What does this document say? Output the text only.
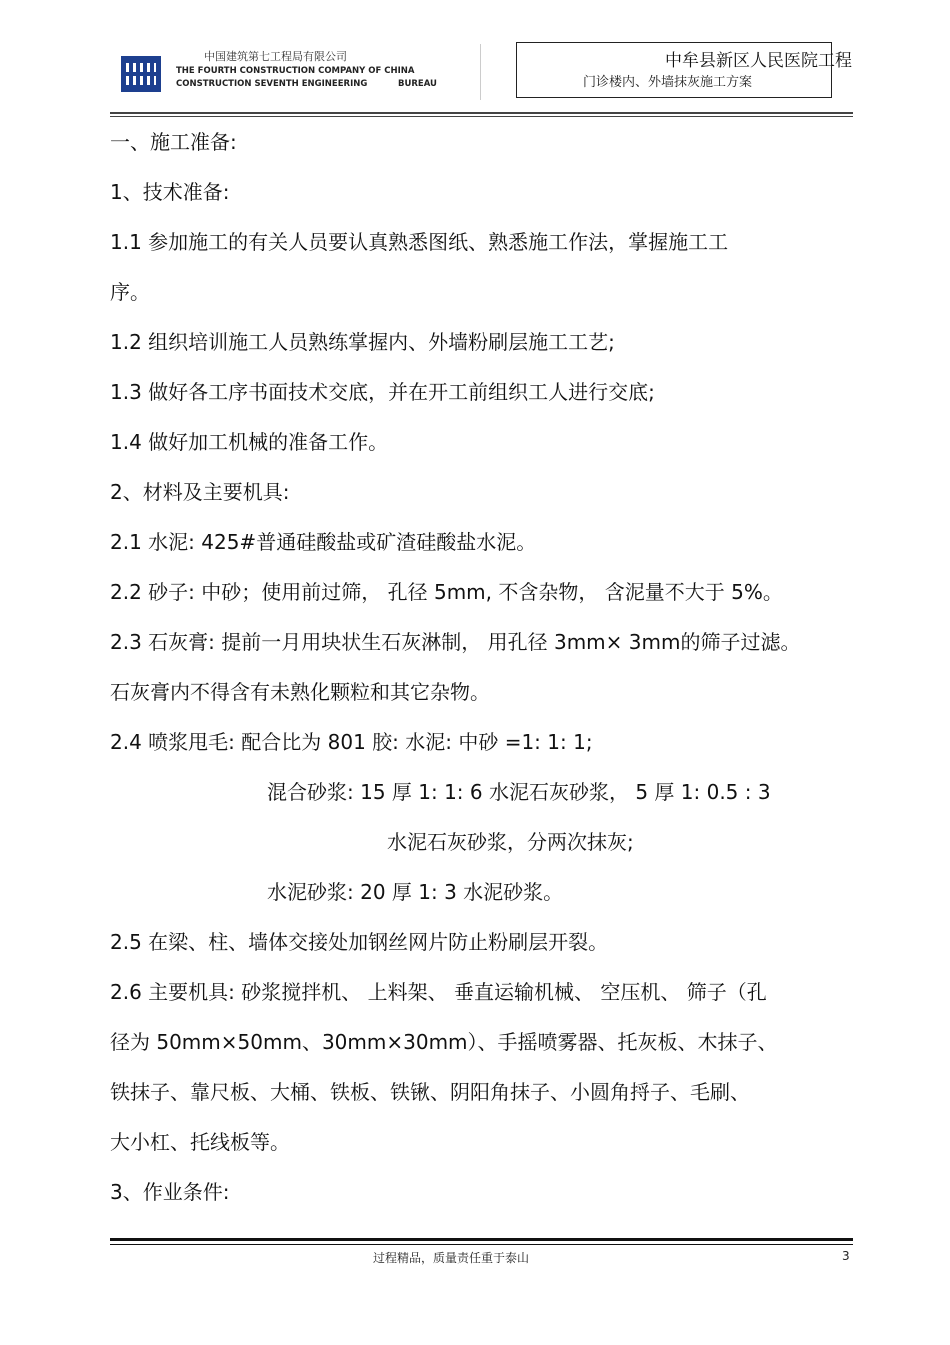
中国建筑第七工程局有限公司
THE FOURTH CONSTRUCTION COMPANY OF CHINA
CONSTRUCTION SEVENTH ENGINEERING	BUREAU
中牟县新区人民医院工程
门诊楼内、外墙抹灰施工方案
一、施工准备:
1、技术准备:
1.1 参加施工的有关人员要认真熟悉图纸、熟悉施工作法，掌握施工工
序。
1.2 组织培训施工人员熟练掌握内、外墙粉刷层施工工艺;
1.3 做好各工序书面技术交底，并在开工前组织工人进行交底;
1.4 做好加工机械的准备工作。
2、材料及主要机具:
2.1 水泥: 425#普通硅酸盐或矿渣硅酸盐水泥。
2.2 砂子: 中砂；使用前过筛， 孔径 5mm, 不含杂物， 含泥量不大于 5%。
2.3 石灰膏: 提前一月用块状生石灰淋制， 用孔径 3mm× 3mm的筛子过滤。
石灰膏内不得含有未熟化颗粒和其它杂物。
2.4 喷浆甩毛: 配合比为 801 胶: 水泥: 中砂 =1: 1: 1;
混合砂浆: 15 厚 1: 1: 6 水泥石灰砂浆， 5 厚 1: 0.5 : 3
水泥石灰砂浆，分两次抹灰;
水泥砂浆: 20 厚 1: 3 水泥砂浆。
2.5 在梁、柱、墙体交接处加钢丝网片防止粉刷层开裂。
2.6 主要机具: 砂浆搅拌机、 上料架、 垂直运输机械、 空压机、 筛子（孔
径为 50mm×50mm、30mm×30mm）、手摇喷雾器、托灰板、木抹子、
铁抹子、靠尺板、大桶、铁板、铁锹、阴阳角抹子、小圆角捋子、毛刷、
大小杠、托线板等。
3、作业条件:
过程精品，质量责任重于泰山	3
